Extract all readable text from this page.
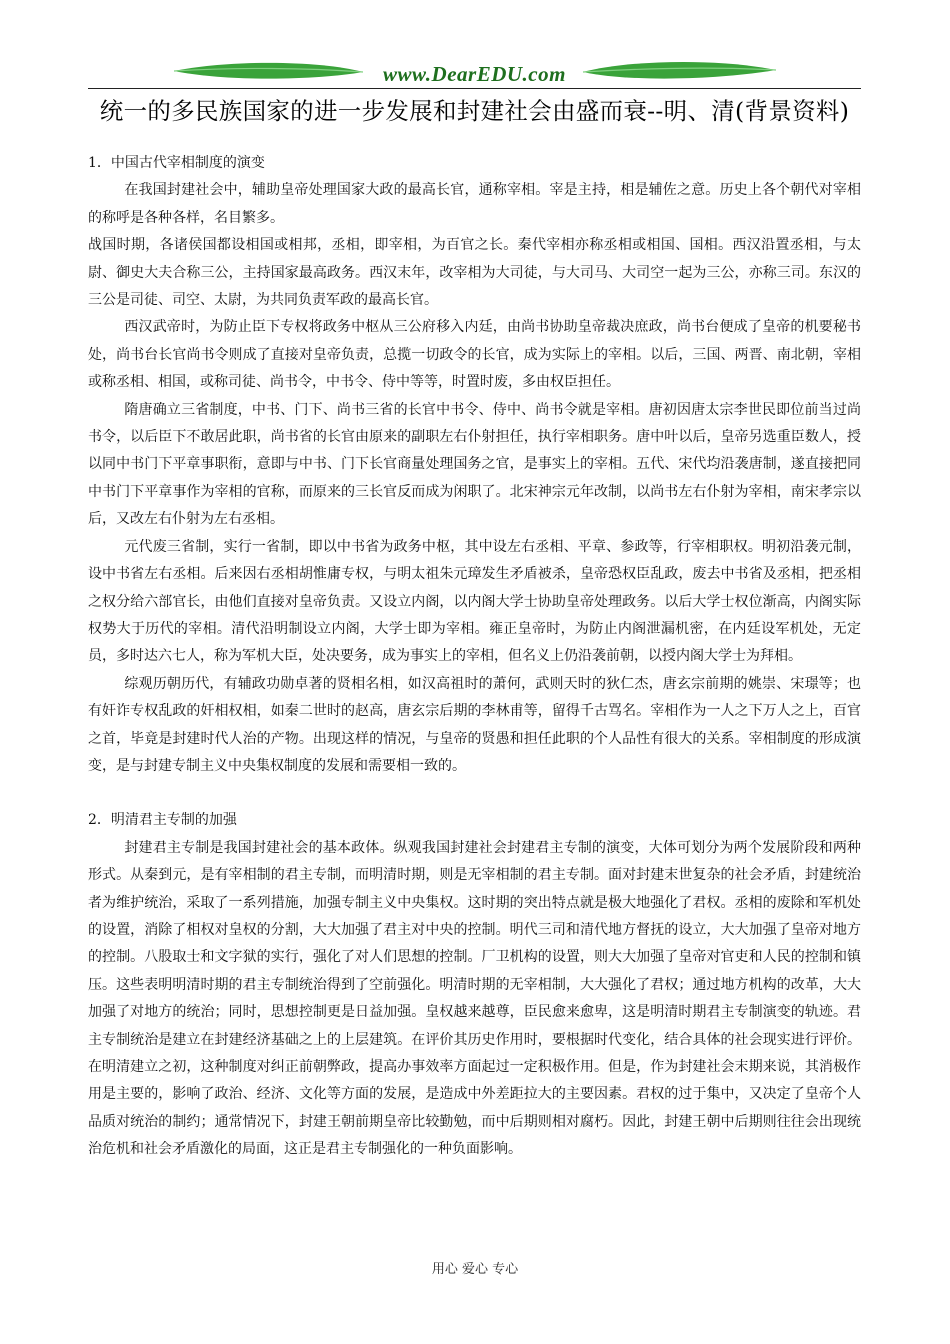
www.DearEDU.com
统一的多民族国家的进一步发展和封建社会由盛而衰--明、清(背景资料)

1．中国古代宰相制度的演变

在我国封建社会中，辅助皇帝处理国家大政的最高长官，通称宰相。宰是主持，相是辅佐之意。历史上各个朝代对宰相的称呼是各种各样，名目繁多。

战国时期，各诸侯国都设相国或相邦，丞相，即宰相，为百官之长。秦代宰相亦称丞相或相国、国相。西汉沿置丞相，与太尉、御史大夫合称三公，主持国家最高政务。西汉末年，改宰相为大司徒，与大司马、大司空一起为三公，亦称三司。东汉的三公是司徒、司空、太尉，为共同负责军政的最高长官。

西汉武帝时，为防止臣下专权将政务中枢从三公府移入内廷，由尚书协助皇帝裁决庶政，尚书台便成了皇帝的机要秘书处，尚书台长官尚书令则成了直接对皇帝负责，总揽一切政令的长官，成为实际上的宰相。以后，三国、两晋、南北朝，宰相或称丞相、相国，或称司徒、尚书令，中书令、侍中等等，时置时废，多由权臣担任。

隋唐确立三省制度，中书、门下、尚书三省的长官中书令、侍中、尚书令就是宰相。唐初因唐太宗李世民即位前当过尚书令，以后臣下不敢居此职，尚书省的长官由原来的副职左右仆射担任，执行宰相职务。唐中叶以后，皇帝另选重臣数人，授以同中书门下平章事职衔，意即与中书、门下长官商量处理国务之官，是事实上的宰相。五代、宋代均沿袭唐制，遂直接把同中书门下平章事作为宰相的官称，而原来的三长官反而成为闲职了。北宋神宗元年改制，以尚书左右仆射为宰相，南宋孝宗以后，又改左右仆射为左右丞相。

元代废三省制，实行一省制，即以中书省为政务中枢，其中设左右丞相、平章、参政等，行宰相职权。明初沿袭元制，设中书省左右丞相。后来因右丞相胡惟庸专权，与明太祖朱元璋发生矛盾被杀，皇帝恐权臣乱政，废去中书省及丞相，把丞相之权分给六部官长，由他们直接对皇帝负责。又设立内阁，以内阁大学士协助皇帝处理政务。以后大学士权位渐高，内阁实际权势大于历代的宰相。清代沿明制设立内阁，大学士即为宰相。雍正皇帝时，为防止内阁泄漏机密，在内廷设军机处，无定员，多时达六七人，称为军机大臣，处决要务，成为事实上的宰相，但名义上仍沿袭前朝，以授内阁大学士为拜相。

综观历朝历代，有辅政功勋卓著的贤相名相，如汉高祖时的萧何，武则天时的狄仁杰，唐玄宗前期的姚崇、宋璟等；也有奸诈专权乱政的奸相权相，如秦二世时的赵高，唐玄宗后期的李林甫等，留得千古骂名。宰相作为一人之下万人之上，百官之首，毕竟是封建时代人治的产物。出现这样的情况，与皇帝的贤愚和担任此职的个人品性有很大的关系。宰相制度的形成演变，是与封建专制主义中央集权制度的发展和需要相一致的。

2．明清君主专制的加强

封建君主专制是我国封建社会的基本政体。纵观我国封建社会封建君主专制的演变，大体可划分为两个发展阶段和两种形式。从秦到元，是有宰相制的君主专制，而明清时期，则是无宰相制的君主专制。面对封建末世复杂的社会矛盾，封建统治者为维护统治，采取了一系列措施，加强专制主义中央集权。这时期的突出特点就是极大地强化了君权。丞相的废除和军机处的设置，消除了相权对皇权的分割，大大加强了君主对中央的控制。明代三司和清代地方督抚的设立，大大加强了皇帝对地方的控制。八股取士和文字狱的实行，强化了对人们思想的控制。厂卫机构的设置，则大大加强了皇帝对官吏和人民的控制和镇压。这些表明明清时期的君主专制统治得到了空前强化。明清时期的无宰相制，大大强化了君权；通过地方机构的改革，大大加强了对地方的统治；同时，思想控制更是日益加强。皇权越来越尊，臣民愈来愈卑，这是明清时期君主专制演变的轨迹。君主专制统治是建立在封建经济基础之上的上层建筑。在评价其历史作用时，要根据时代变化，结合具体的社会现实进行评价。在明清建立之初，这种制度对纠正前朝弊政，提高办事效率方面起过一定积极作用。但是，作为封建社会末期来说，其消极作用是主要的，影响了政治、经济、文化等方面的发展，是造成中外差距拉大的主要因素。君权的过于集中，又决定了皇帝个人品质对统治的制约；通常情况下，封建王朝前期皇帝比较勤勉，而中后期则相对腐朽。因此，封建王朝中后期则往往会出现统治危机和社会矛盾激化的局面，这正是君主专制强化的一种负面影响。

用心 爱心 专心
